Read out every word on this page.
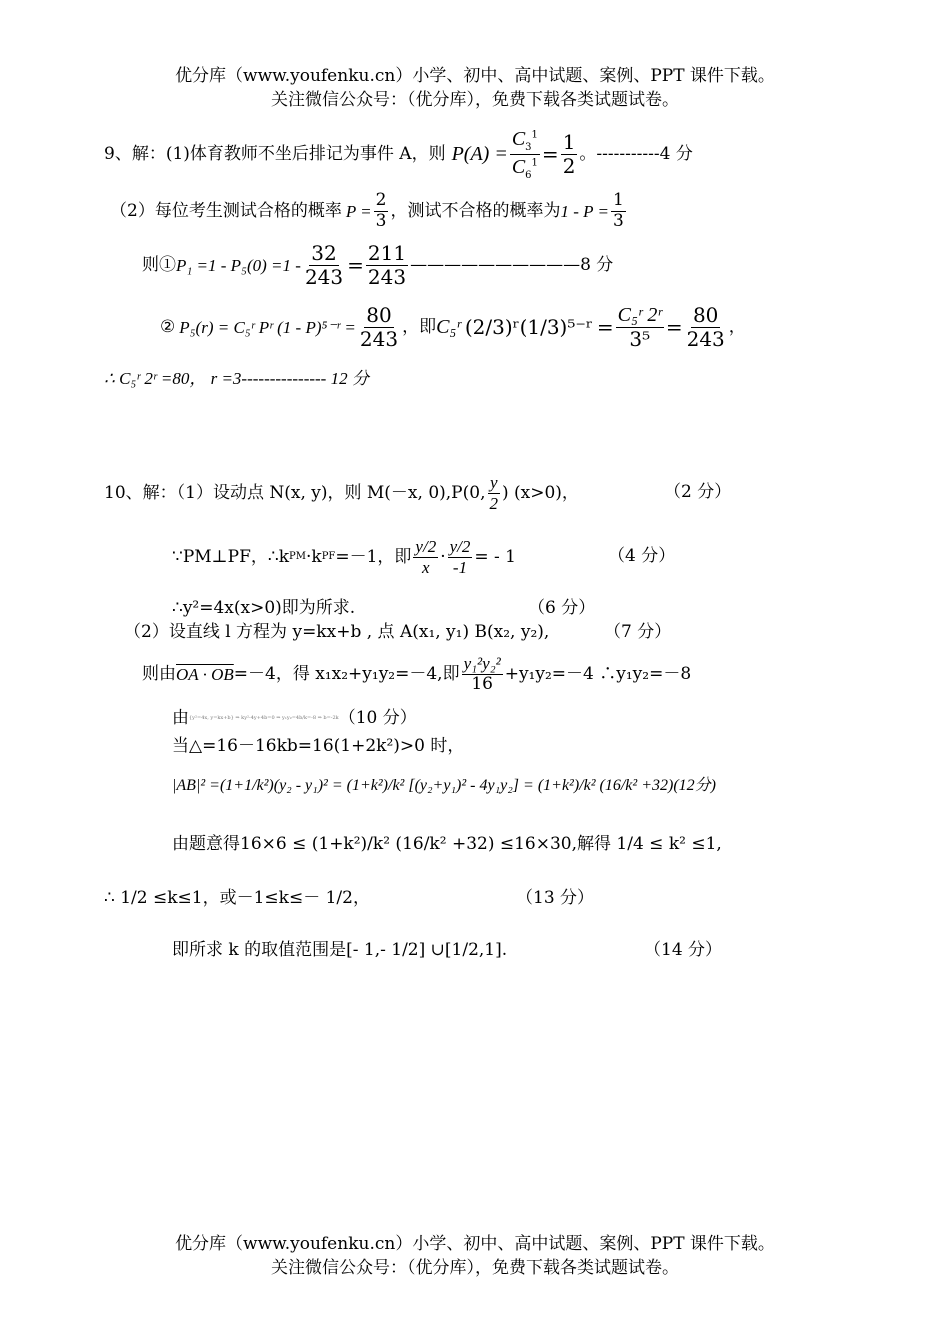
优分库（www.youfenku.cn）小学、初中、高中试题、案例、PPT 课件下载。
关注微信公众号：（优分库），免费下载各类试题试卷。
9、解：(1)体育教师不坐后排记为事件 A，则 $P(A) = \frac{C_3^1}{C_6^1} = \frac{1}{2}$ 。-----------4 分
（2）每位考生测试合格的概率 $P = \frac{2}{3}$ ，测试不合格的概率为 $1 - P = \frac{1}{3}$
则① $P_1 =1 - P_5(0) =1 - \frac{32}{243} = \frac{211}{243}$ ——————————8 分
② P₅(r) = C₅ʳ Pʳ (1 - P)⁵⁻ʳ = $\frac{80}{243}$ ，即 C₅ʳ (2/3)ʳ(1/3)⁵⁻ʳ = $\frac{\text{C₅ʳ 2ʳ}}{\text{3⁵}} = \frac{80}{243}$ ，
∴ C₅ʳ 2ʳ =80， r =3--------------- 12 分
10、解：（1）设动点 N(x, y)，则 M(－x, 0),P(0,
y
2
) (x>0)，	（2 分）
∵PM⊥PF，∴k PM ·k PF =－1，即
y/2
x
· $\frac{y/2}{-1}$ = - 1	（4 分）
∴y²=4x(x>0)即为所求.	（6 分）
（2）设直线 l 方程为 y=kx+b , 点 A(x₁, y₁) B(x₂, y₂),	（7 分）
则由 OA · OB =－4，得 x₁x₂+y₁y₂=－4,即
y₁²y₂²
16 +y₁y₂=－4 ∴y₁y₂=－8
由 {y²=4x, y=kx+b} ⇒ ky²-4y+4b=0 ⇒ y₁y₂=4b/k=-8 ⇒ b=-2k （10 分）
当△=16－16kb=16(1+2k²)>0 时，
|AB|² =(1+1/k²)(y₂ - y₁)² = (1+k²)/k² [(y₂+y₁)² - 4y₁y₂] = (1+k²)/k² (16/k² +32)(12分)
由题意得16×6 ≤ (1+k²)/k² (16/k² +32) ≤16×30,解得 1/4 ≤ k² ≤1,
∴ 1/2 ≤k≤1，或－1≤k≤－ 1/2，	（13 分）
即所求 k 的取值范围是[- 1,- 1/2] ∪[1/2,1].	（14 分）
优分库（www.youfenku.cn）小学、初中、高中试题、案例、PPT 课件下载。
关注微信公众号：（优分库），免费下载各类试题试卷。
